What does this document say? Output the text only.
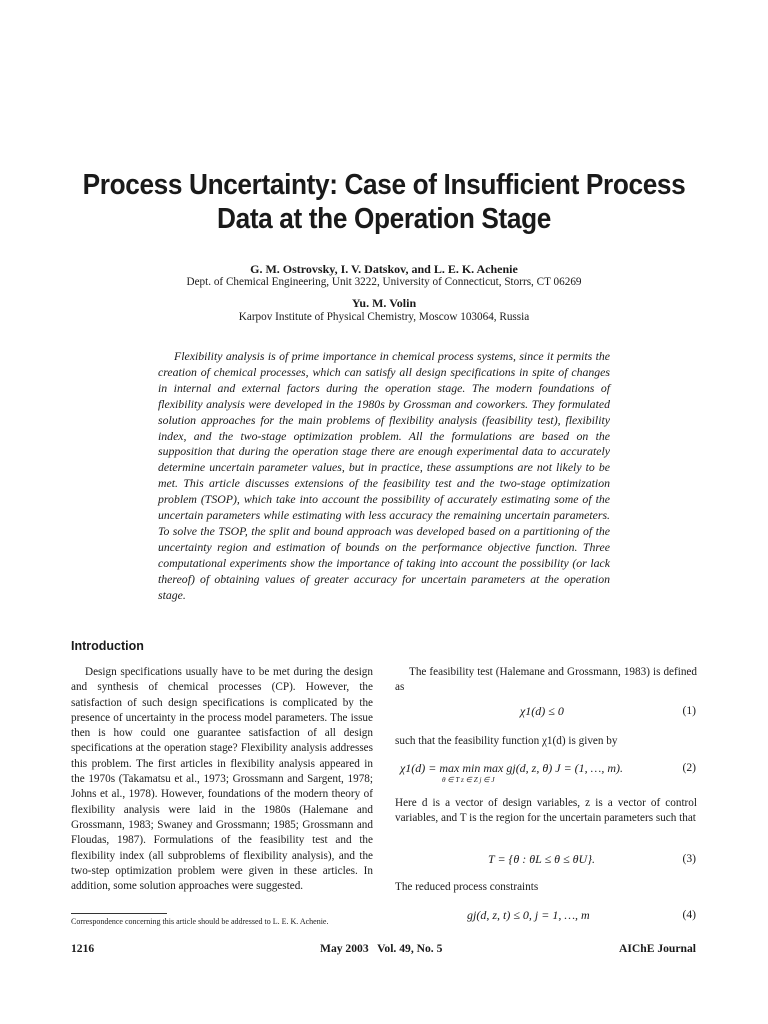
Process Uncertainty: Case of Insufficient Process Data at the Operation Stage
G. M. Ostrovsky, I. V. Datskov, and L. E. K. Achenie
Dept. of Chemical Engineering, Unit 3222, University of Connecticut, Storrs, CT 06269
Yu. M. Volin
Karpov Institute of Physical Chemistry, Moscow 103064, Russia

Flexibility analysis is of prime importance in chemical process systems, since it permits the creation of chemical processes, which can satisfy all design specifications in spite of changes in internal and external factors during the operation stage. The modern foundations of flexibility analysis were developed in the 1980s by Grossman and coworkers. They formulated solution approaches for the main problems of flexibility analysis (feasibility test), flexibility index, and the two-stage optimization problem. All the formulations are based on the supposition that during the operation stage there are enough experimental data to accurately determine uncertain parameter values, but in practice, these assumptions are not likely to be met. This article discusses extensions of the feasibility test and the two-stage optimization problem (TSOP), which take into account the possibility of accurately estimating some of the uncertain parameters while estimating with less accuracy the remaining uncertain parameters. To solve the TSOP, the split and bound approach was developed based on a partitioning of the uncertainty region and estimation of bounds on the performance objective function. Three computational experiments show the importance of taking into account the possibility (or lack thereof) of obtaining values of greater accuracy for uncertain parameters at the operation stage.

Introduction

Design specifications usually have to be met during the design and synthesis of chemical processes (CP). However, the satisfaction of such design specifications is complicated by the presence of uncertainty in the process model parameters. The issue then is how could one guarantee satisfaction of all design specifications at the operation stage? Flexibility analysis addresses this problem. The first articles in flexibility analysis appeared in the 1970s (Takamatsu et al., 1973; Grossmann and Sargent, 1978; Johns et al., 1978). However, foundations of the modern theory of flexibility analysis were laid in the 1980s (Halemane and Grossmann, 1983; Swaney and Grossmann; 1985; Grossmann and Floudas, 1987). Formulations of the feasibility test and the flexibility index (all subproblems of flexibility analysis), and the two-step optimization problem were given in these articles. In addition, some solution approaches were suggested.

Correspondence concerning this article should be addressed to L. E. K. Achenie.

The feasibility test (Halemane and Grossmann, 1983) is defined as

χ1(d) ≤ 0	(1)

such that the feasibility function χ1(d) is given by

χ1(d) = max min max gj(d, z, θ) J = (1, …, m).
θ ∈ T z ∈ Z j ∈ J
(2)

Here d is a vector of design variables, z is a vector of control variables, and T is the region for the uncertain parameters such that

T = {θ : θL ≤ θ ≤ θU}.	(3)

The reduced process constraints

gj(d, z, t) ≤ 0, j = 1, …, m	(4)
1216	May 2003   Vol. 49, No. 5	AIChE Journal
